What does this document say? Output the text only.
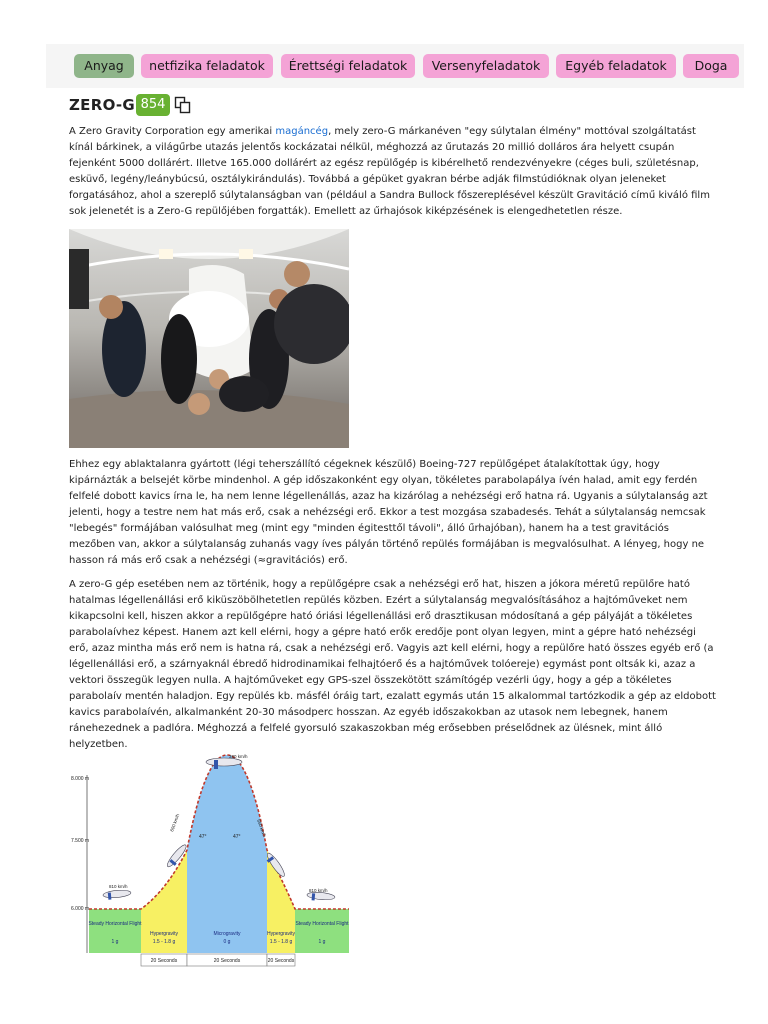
Anyag	netfizika feladatok	Érettségi feladatok	Versenyfeladatok	Egyéb feladatok	Doga
ZERO-G 854

A Zero Gravity Corporation egy amerikai magáncég, mely zero-G márkanéven "egy súlytalan élmény" mottóval szolgáltatást kínál bárkinek, a világűrbe utazás jelentős kockázatai nélkül, méghozzá az űrutazás 20 millió dolláros ára helyett csupán fejenként 5000 dollárért. Illetve 165.000 dollárért az egész repülőgép is kibérelhető rendezvényekre (céges buli, születésnap, esküvő, legény/leánybúcsú, osztálykirándulás). Továbbá a gépüket gyakran bérbe adják filmstúdióknak olyan jeleneket forgatásához, ahol a szereplő súlytalanságban van (például a Sandra Bullock főszereplésével készült Gravitáció című kiváló film sok jelenetét is a Zero-G repülőjében forgatták). Emellett az űrhajósok kiképzésének is elengedhetetlen része.

Ehhez egy ablaktalanra gyártott (légi teherszállító cégeknek készülő) Boeing-727 repülőgépet átalakítottak úgy, hogy kipárnázták a belsejét körbe mindenhol. A gép időszakonként egy olyan, tökéletes parabolapálya ívén halad, amit egy ferdén felfelé dobott kavics írna le, ha nem lenne légellenállás, azaz ha kizárólag a nehézségi erő hatna rá. Ugyanis a súlytalanság azt jelenti, hogy a testre nem hat más erő, csak a nehézségi erő. Ekkor a test mozgása szabadesés. Tehát a súlytalanság nemcsak "lebegés" formájában valósulhat meg (mint egy "minden égitesttől távoli", álló űrhajóban), hanem ha a test gravitációs mezőben van, akkor a súlytalanság zuhanás vagy íves pályán történő repülés formájában is megvalósulhat. A lényeg, hogy ne hasson rá más erő csak a nehézségi (≈gravitációs) erő.

A zero-G gép esetében nem az történik, hogy a repülőgépre csak a nehézségi erő hat, hiszen a jókora méretű repülőre ható hatalmas légellenállási erő kiküszöbölhetetlen repülés közben. Ezért a súlytalanság megvalósításához a hajtóműveket nem kikapcsolni kell, hiszen akkor a repülőgépre ható óriási légellenállási erő drasztikusan módosítaná a gép pályáját a tökéletes parabolaívhez képest. Hanem azt kell elérni, hogy a gépre ható erők eredője pont olyan legyen, mint a gépre ható nehézségi erő, azaz mintha más erő nem is hatna rá, csak a nehézségi erő. Vagyis azt kell elérni, hogy a repülőre ható összes egyéb erő (a légellenállási erő, a szárnyaknál ébredő hidrodinamikai felhajtóerő és a hajtóművek tolóereje) egymást pont oltsák ki, azaz a vektori összegük legyen nulla. A hajtóműveket egy GPS-szel összekötött számítógép vezérli úgy, hogy a gép a tökéletes parabolaív mentén haladjon. Egy repülés kb. másfél óráig tart, ezalatt egymás után 15 alkalommal tartózkodik a gép az eldobott kavics parabolaívén, alkalmanként 20-30 másodperc hosszan. Az egyéb időszakokban az utasok nem lebegnek, hanem ránehezednek a padlóra. Méghozzá a felfelé gyorsuló szakaszokban még erősebben préselődnek az ülésnek, mint álló helyzetben.

8.000 m
7.500 m
6.000 m
380 km/h
600 km/h	650 km/h
810 km/h
810 km/h
47°	47°
Steady Horizontal Flight
1 g
Hypergravity
1.5 - 1.8 g
Microgravity
0 g
Hypergravity
1.5 - 1.8 g
Steady Horizontal Flight
1 g
20 Seconds	20 Seconds	20 Seconds
